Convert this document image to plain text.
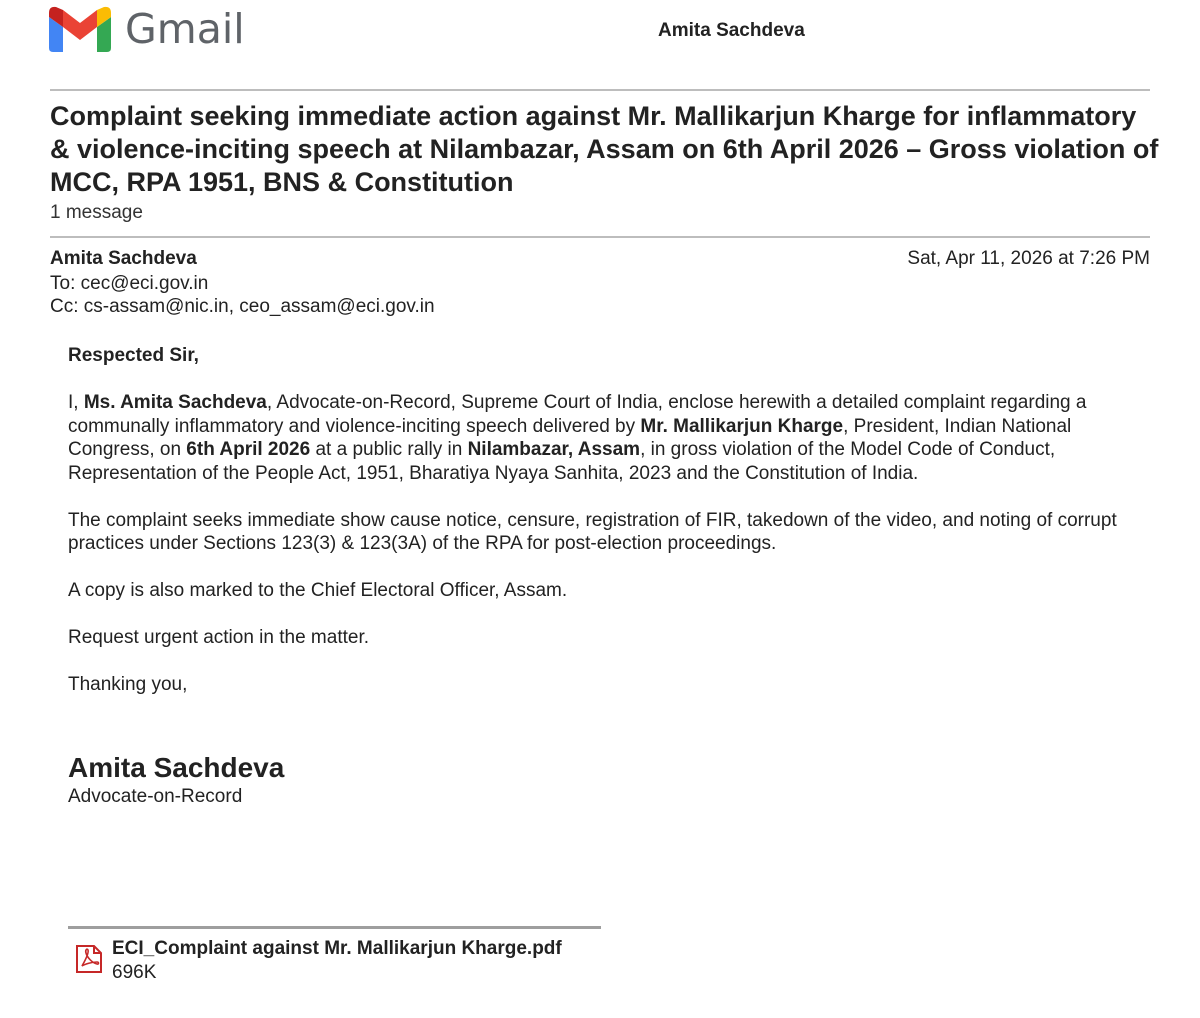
Gmail	Amita Sachdeva
Complaint seeking immediate action against Mr. Mallikarjun Kharge for inflammatory & violence-inciting speech at Nilambazar, Assam on 6th April 2026 – Gross violation of MCC, RPA 1951, BNS & Constitution
1 message
Amita Sachdeva	Sat, Apr 11, 2026 at 7:26 PM
To: cec@eci.gov.in
Cc: cs-assam@nic.in, ceo_assam@eci.gov.in

Respected Sir,

I, Ms. Amita Sachdeva, Advocate-on-Record, Supreme Court of India, enclose herewith a detailed complaint regarding a communally inflammatory and violence-inciting speech delivered by Mr. Mallikarjun Kharge, President, Indian National Congress, on 6th April 2026 at a public rally in Nilambazar, Assam, in gross violation of the Model Code of Conduct, Representation of the People Act, 1951, Bharatiya Nyaya Sanhita, 2023 and the Constitution of India.

The complaint seeks immediate show cause notice, censure, registration of FIR, takedown of the video, and noting of corrupt practices under Sections 123(3) & 123(3A) of the RPA for post-election proceedings.

A copy is also marked to the Chief Electoral Officer, Assam.

Request urgent action in the matter.

Thanking you,

Amita Sachdeva
Advocate-on-Record
ECI_Complaint against Mr. Mallikarjun Kharge.pdf
696K
